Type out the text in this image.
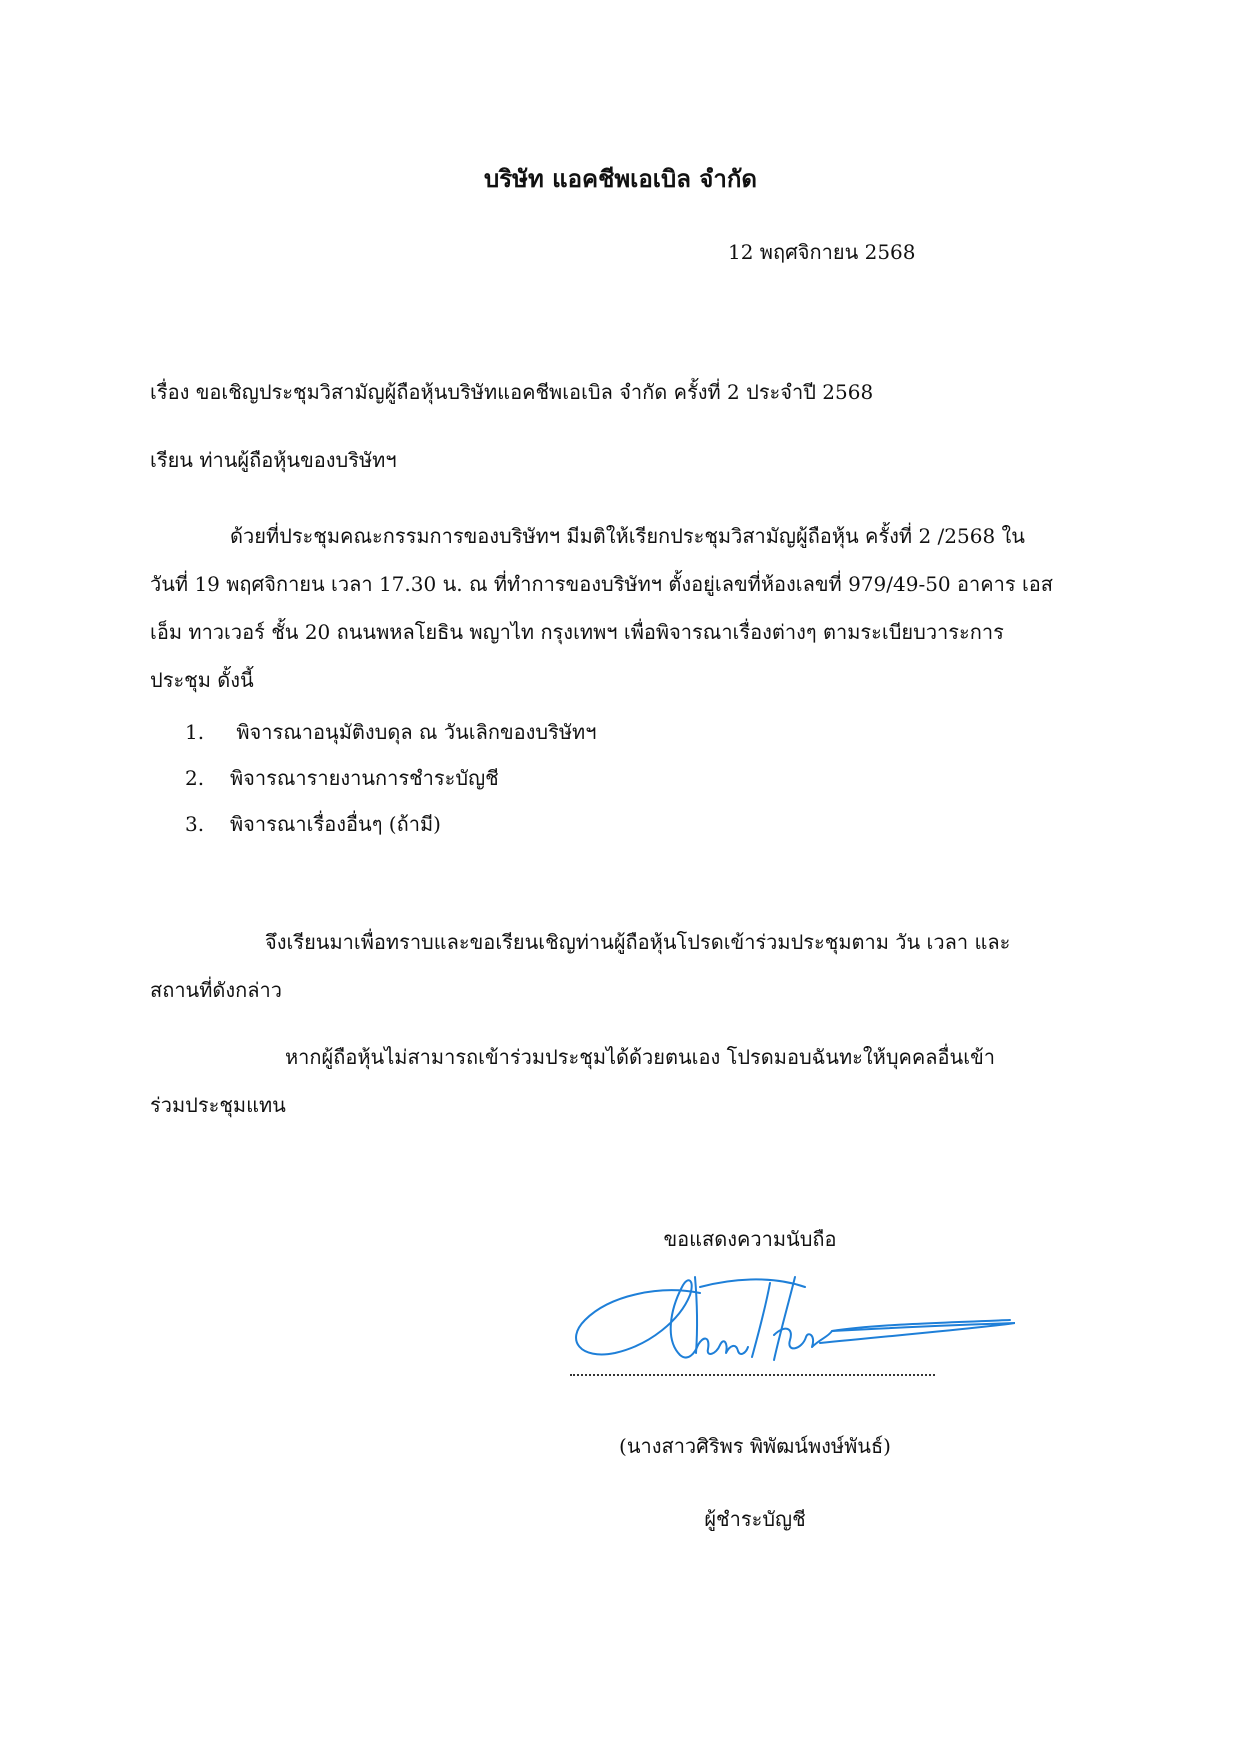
บริษัท แอคชีพเอเบิล จำกัด
12 พฤศจิกายน 2568
เรื่อง ขอเชิญประชุมวิสามัญผู้ถือหุ้นบริษัทแอคชีพเอเบิล จำกัด ครั้งที่ 2 ประจำปี 2568
เรียน ท่านผู้ถือหุ้นของบริษัทฯ
ด้วยที่ประชุมคณะกรรมการของบริษัทฯ มีมติให้เรียกประชุมวิสามัญผู้ถือหุ้น ครั้งที่ 2 /2568 ใน
วันที่ 19 พฤศจิกายน เวลา 17.30 น. ณ ที่ทำการของบริษัทฯ ตั้งอยู่เลขที่ห้องเลขที่ 979/49-50 อาคาร เอส
เอ็ม ทาวเวอร์ ชั้น 20 ถนนพหลโยธิน พญาไท กรุงเทพฯ เพื่อพิจารณาเรื่องต่างๆ ตามระเบียบวาระการ
ประชุม ดั้งนี้
1. พิจารณาอนุมัติงบดุล ณ วันเลิกของบริษัทฯ
2. พิจารณารายงานการชำระบัญชี
3. พิจารณาเรื่องอื่นๆ (ถ้ามี)
จึงเรียนมาเพื่อทราบและขอเรียนเชิญท่านผู้ถือหุ้นโปรดเข้าร่วมประชุมตาม วัน เวลา และ
สถานที่ดังกล่าว
หากผู้ถือหุ้นไม่สามารถเข้าร่วมประชุมได้ด้วยตนเอง โปรดมอบฉันทะให้บุคคลอื่นเข้า
ร่วมประชุมแทน
ขอแสดงความนับถือ
(นางสาวศิริพร พิพัฒน์พงษ์พันธ์)
ผู้ชำระบัญชี
